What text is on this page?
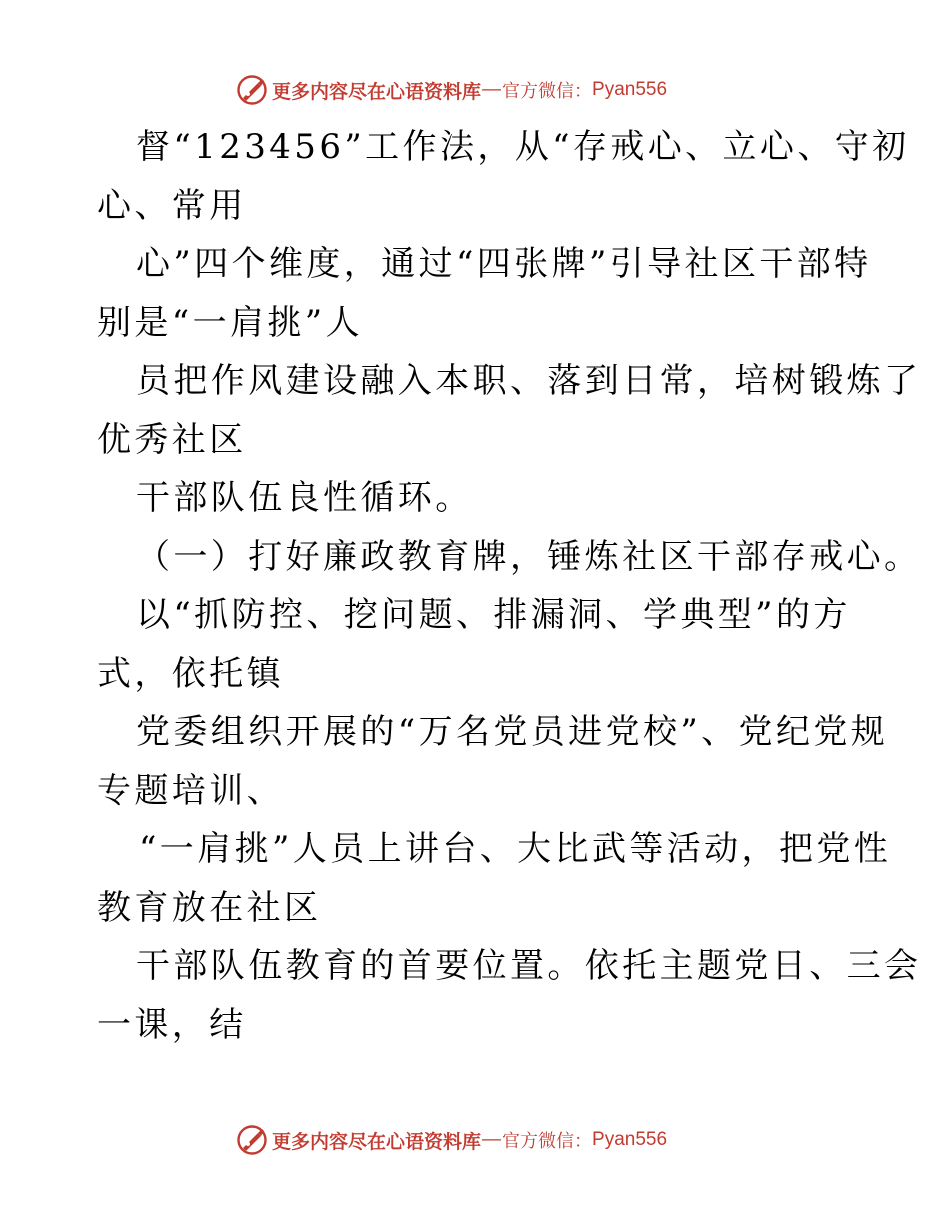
更多内容尽在心语资料库 — 官方微信： Pyan556
督“123456”工作法，从“存戒心、立心、守初
心、常用
心”四个维度，通过“四张牌”引导社区干部特
别是“一肩挑”人
员把作风建设融入本职、落到日常，培树锻炼了
优秀社区
干部队伍良性循环。
（一）打好廉政教育牌，锤炼社区干部存戒心。
以“抓防控、挖问题、排漏洞、学典型”的方
式，依托镇
党委组织开展的“万名党员进党校”、党纪党规
专题培训、
“一肩挑”人员上讲台、大比武等活动，把党性
教育放在社区
干部队伍教育的首要位置。依托主题党日、三会
一课，结
更多内容尽在心语资料库 — 官方微信： Pyan556
